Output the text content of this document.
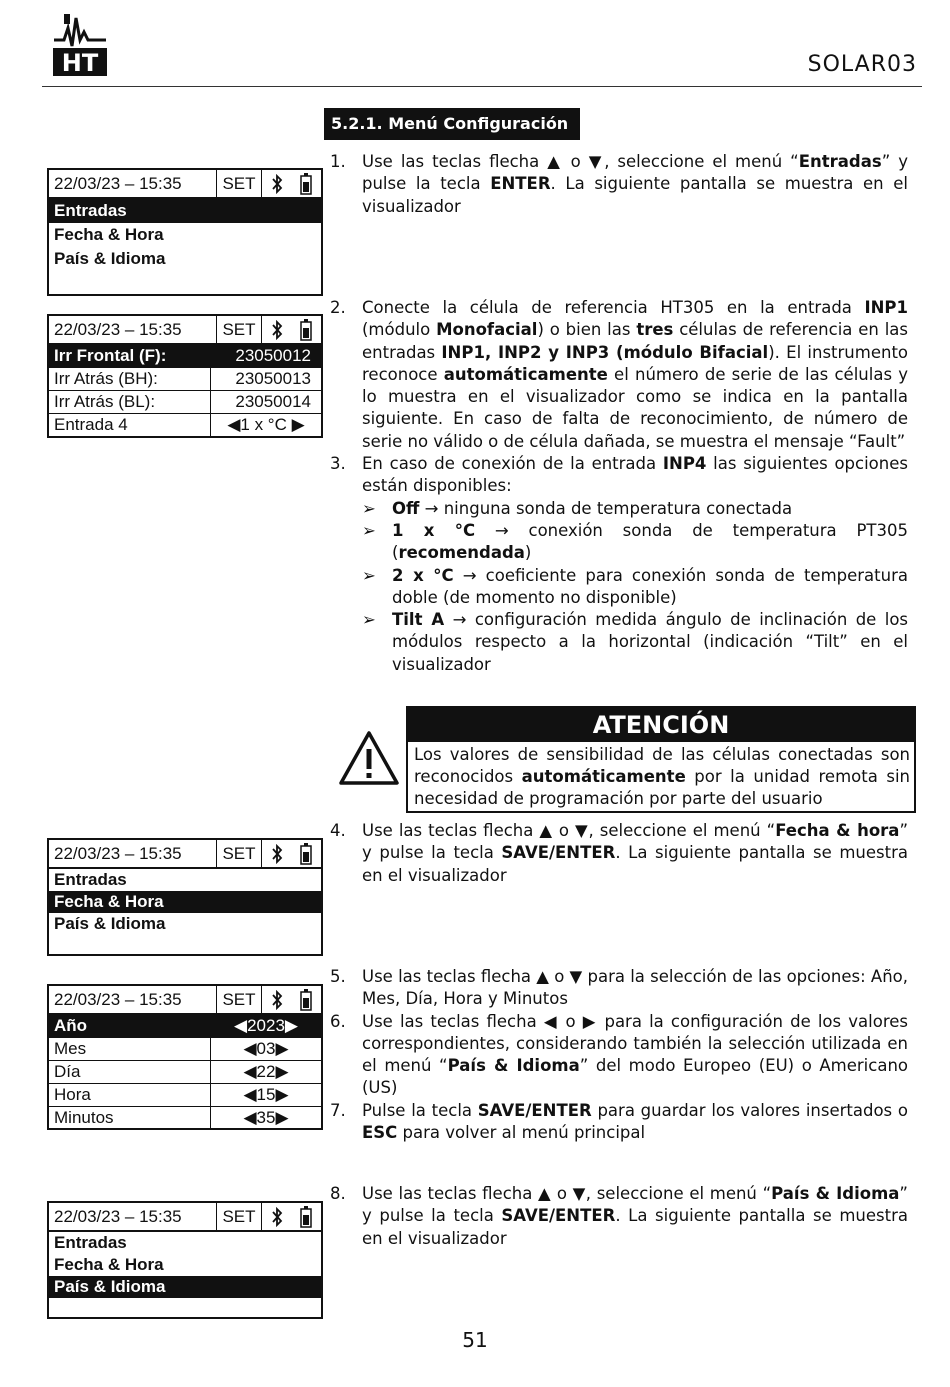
HT	SOLAR03
5.2.1. Menú Configuración
22/03/23 – 15:35	SET
Entradas
Fecha & Hora
País & Idioma
22/03/23 – 15:35	SET
Irr Frontal (F):	23050012
Irr Atrás (BH):	23050013
Irr Atrás (BL):	23050014
Entrada 4	◀1 x °C ▶
22/03/23 – 15:35	SET
Entradas
Fecha & Hora
País & Idioma
22/03/23 – 15:35	SET
Año	◀2023▶
Mes	◀03▶
Día	◀22▶
Hora	◀15▶
Minutos	◀35▶
22/03/23 – 15:35	SET
Entradas
Fecha & Hora
País & Idioma
1. Use las teclas flecha ▲ o ▼, seleccione el menú “Entradas” y pulse la tecla ENTER. La siguiente pantalla se muestra en el visualizador
2. Conecte la célula de referencia HT305 en la entrada INP1 (módulo Monofacial) o bien las tres células de referencia en las entradas INP1, INP2 y INP3 (módulo Bifacial). El instrumento reconoce automáticamente el número de serie de las células y lo muestra en el visualizador como se indica en la pantalla siguiente. En caso de falta de reconocimiento, de número de serie no válido o de célula dañada, se muestra el mensaje “Fault”
3. En caso de conexión de la entrada INP4 las siguientes opciones están disponibles:
➢ Off → ninguna sonda de temperatura conectada
➢ 1 x °C → conexión sonda de temperatura PT305 (recomendada)
➢ 2 x °C → coeficiente para conexión sonda de temperatura doble (de momento no disponible)
➢ Tilt A → configuración medida ángulo de inclinación de los módulos respecto a la horizontal (indicación “Tilt” en el visualizador
ATENCIÓN
Los valores de sensibilidad de las células conectadas son reconocidos automáticamente por la unidad remota sin necesidad de programación por parte del usuario
4. Use las teclas flecha ▲ o ▼, seleccione el menú “Fecha & hora” y pulse la tecla SAVE/ENTER. La siguiente pantalla se muestra en el visualizador
5. Use las teclas flecha ▲ o ▼ para la selección de las opciones: Año, Mes, Día, Hora y Minutos
6. Use las teclas flecha ◀ o ▶ para la configuración de los valores correspondientes, considerando también la selección utilizada en el menú “País & Idioma” del modo Europeo (EU) o Americano (US)
7. Pulse la tecla SAVE/ENTER para guardar los valores insertados o ESC para volver al menú principal
8. Use las teclas flecha ▲ o ▼, seleccione el menú “País & Idioma” y pulse la tecla SAVE/ENTER. La siguiente pantalla se muestra en el visualizador
51
